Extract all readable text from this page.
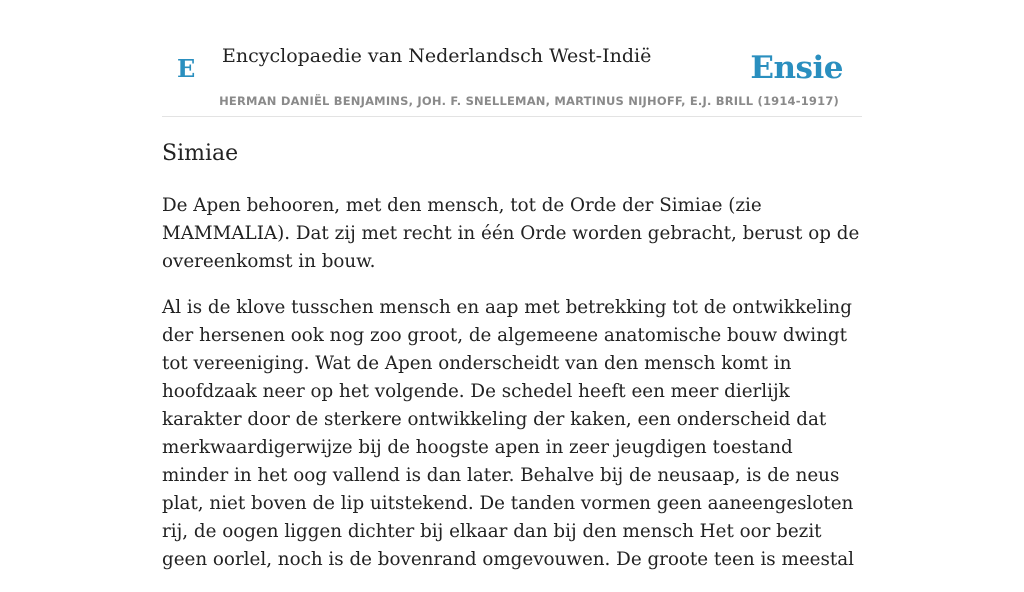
E Encyclopaedie van Nederlandsch West-Indië	Ensie
HERMAN DANIËL BENJAMINS, JOH. F. SNELLEMAN, MARTINUS NIJHOFF, E.J. BRILL (1914-1917)
Simiae

De Apen behooren, met den mensch, tot de Orde der Simiae (zie MAMMALIA). Dat zij met recht in één Orde worden gebracht, berust op de overeenkomst in bouw.

Al is de klove tusschen mensch en aap met betrekking tot de ontwikkeling der hersenen ook nog zoo groot, de algemeene anatomische bouw dwingt tot vereeniging. Wat de Apen onderscheidt van den mensch komt in hoofdzaak neer op het volgende. De schedel heeft een meer dierlijk karakter door de sterkere ontwikkeling der kaken, een onderscheid dat merkwaardigerwijze bij de hoogste apen in zeer jeugdigen toestand minder in het oog vallend is dan later. Behalve bij de neusaap, is de neus plat, niet boven de lip uitstekend. De tanden vormen geen aaneengesloten rij, de oogen liggen dichter bij elkaar dan bij den mensch Het oor bezit geen oorlel, noch is de bovenrand omgevouwen. De groote teen is meestal
